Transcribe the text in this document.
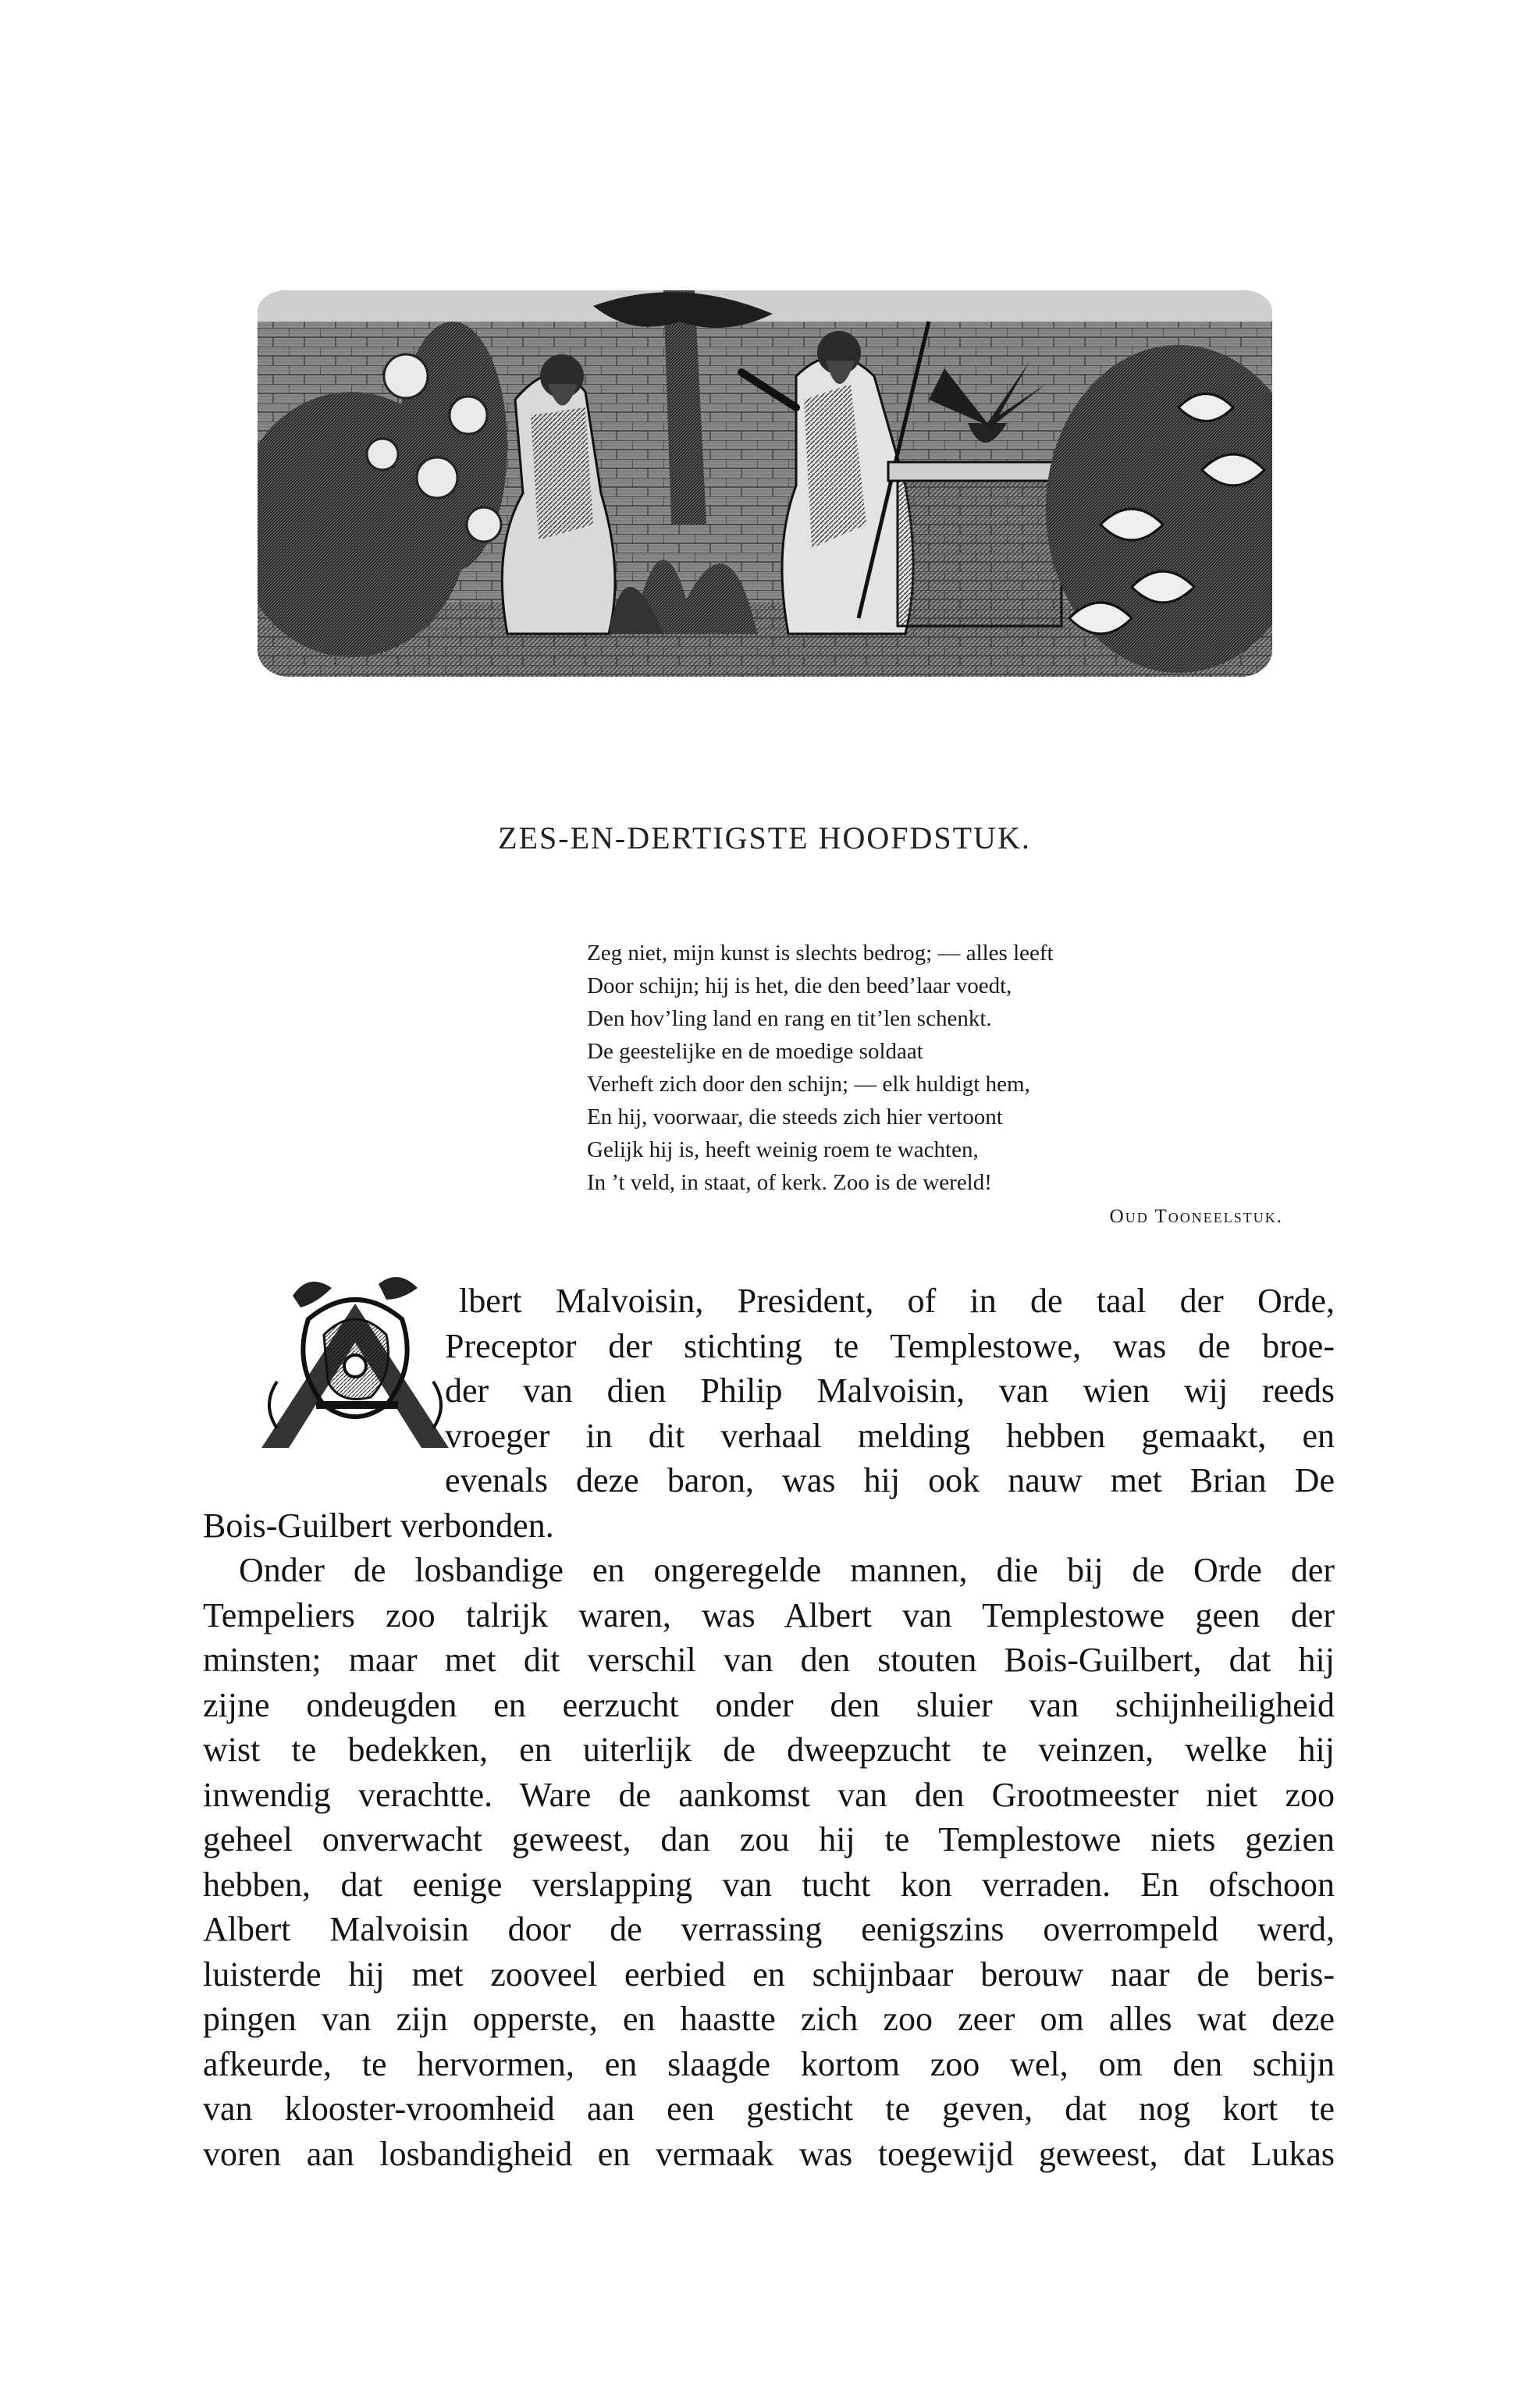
ZES-EN-DERTIGSTE HOOFDSTUK.
Zeg niet, mijn kunst is slechts bedrog; — alles leeft
Door schijn; hij is het, die den beed’laar voedt,
Den hov’ling land en rang en tit’len schenkt.
De geestelijke en de moedige soldaat
Verheft zich door den schijn; — elk huldigt hem,
En hij, voorwaar, die steeds zich hier vertoont
Gelijk hij is, heeft weinig roem te wachten,
In ’t veld, in staat, of kerk. Zoo is de wereld!
Oud Tooneelstuk.
A
lbert Malvoisin, President, of in de taal der Orde,
Preceptor der stichting te Templestowe, was de broe-
der van dien Philip Malvoisin, van wien wij reeds
vroeger in dit verhaal melding hebben gemaakt, en
evenals deze baron, was hij ook nauw met Brian De
Bois-Guilbert verbonden.
Onder de losbandige en ongeregelde mannen, die bij de Orde der
Tempeliers zoo talrijk waren, was Albert van Templestowe geen der
minsten; maar met dit verschil van den stouten Bois-Guilbert, dat hij
zijne ondeugden en eerzucht onder den sluier van schijnheiligheid
wist te bedekken, en uiterlijk de dweepzucht te veinzen, welke hij
inwendig verachtte. Ware de aankomst van den Grootmeester niet zoo
geheel onverwacht geweest, dan zou hij te Templestowe niets gezien
hebben, dat eenige verslapping van tucht kon verraden. En ofschoon
Albert Malvoisin door de verrassing eenigszins overrompeld werd,
luisterde hij met zooveel eerbied en schijnbaar berouw naar de beris-
pingen van zijn opperste, en haastte zich zoo zeer om alles wat deze
afkeurde, te hervormen, en slaagde kortom zoo wel, om den schijn
van klooster-vroomheid aan een gesticht te geven, dat nog kort te
voren aan losbandigheid en vermaak was toegewijd geweest, dat Lukas
